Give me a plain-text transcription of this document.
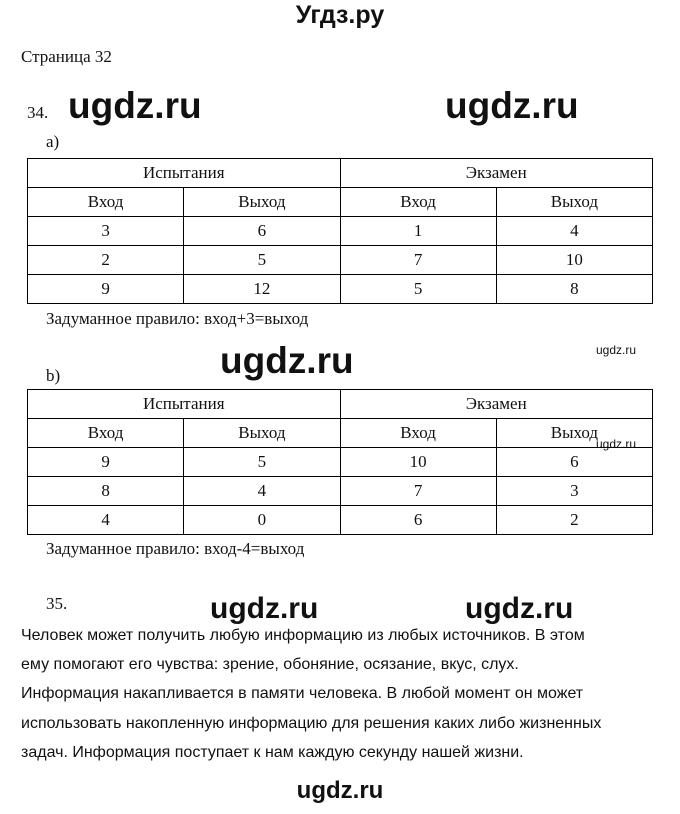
Угдз.ру
Страница 32
34. ugdz.ru	ugdz.ru
a)
Испытания		Экзамен	
Вход	Выход	Вход	Выход
3	6	1	4
2	5	7	10
9	12	5	8
Задуманное правило: вход+3=выход
ugdz.ru	ugdz.ru
b)
Испытания		Экзамен	
Вход	Выход	Вход	Выход
9	5	10	6
8	4	7	3
4	0	6	2
ugdz.ru
Задуманное правило: вход-4=выход
35.	ugdz.ru	ugdz.ru
Человек может получить любую информацию из любых источников. В этом
ему помогают его чувства: зрение, обоняние, осязание, вкус, слух.
Информация накапливается в памяти человека. В любой момент он может
использовать накопленную информацию для решения каких либо жизненных
задач. Информация поступает к нам каждую секунду нашей жизни.
ugdz.ru
